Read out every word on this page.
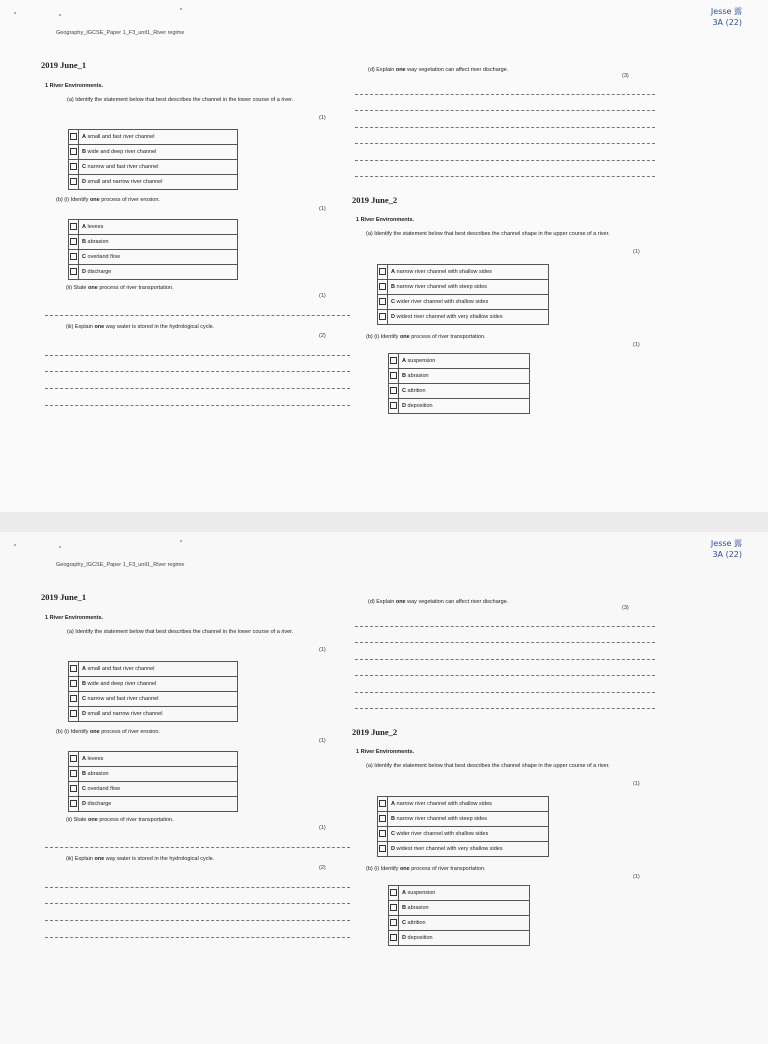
Geography_IGCSE_Paper 1_F3_unit1_River regime
Jesse 露
3A (22)
2019 June_1
1 River Environments.
(a) Identify the statement below that best describes the channel in the lower course of a river.
(1)
	A small and fast river channel
	B wide and deep river channel
	C narrow and fast river channel
	D small and narrow river channel
(b) (i) Identify one process of river erosion.
(1)
	A levees
	B abrasion
	C overland flow
	D discharge
(ii) State one process of river transportation.
(1)
(iii) Explain one way water is stored in the hydrological cycle.
(2)
(d) Explain one way vegetation can affect river discharge.
(3)
2019 June_2
1 River Environments.
(a) Identify the statement below that best describes the channel shape in the upper course of a river.
(1)
	A narrow river channel with shallow sides
	B narrow river channel with steep sides
	C wider river channel with shallow sides
	D widest river channel with very shallow sides
(b) (i) Identify one process of river transportation.
(1)
	A suspension
	B abrasion
	C attrition
	D deposition
Geography_IGCSE_Paper 1_F3_unit1_River regime
Jesse 露
3A (22)
2019 June_1
1 River Environments.
(a) Identify the statement below that best describes the channel in the lower course of a river.
(1)
	A small and fast river channel
	B wide and deep river channel
	C narrow and fast river channel
	D small and narrow river channel
(b) (i) Identify one process of river erosion.
(1)
	A levees
	B abrasion
	C overland flow
	D discharge
(ii) State one process of river transportation.
(1)
(iii) Explain one way water is stored in the hydrological cycle.
(2)
(d) Explain one way vegetation can affect river discharge.
(3)
2019 June_2
1 River Environments.
(a) Identify the statement below that best describes the channel shape in the upper course of a river.
(1)
	A narrow river channel with shallow sides
	B narrow river channel with steep sides
	C wider river channel with shallow sides
	D widest river channel with very shallow sides
(b) (i) Identify one process of river transportation.
(1)
	A suspension
	B abrasion
	C attrition
	D deposition
